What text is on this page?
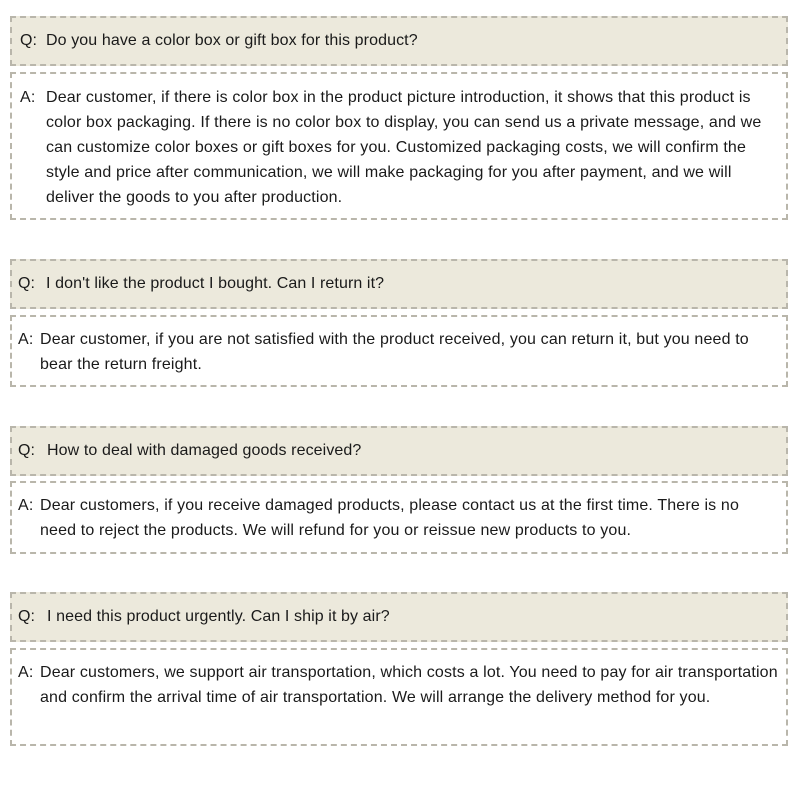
Q: Do you have a color box or gift box for this product?
A: Dear customer, if there is color box in the product picture introduction, it shows that this product is color box packaging. If there is no color box to display, you can send us a private message, and we can customize color boxes or gift boxes for you. Customized packaging costs, we will confirm the style and price after communication, we will make packaging for you after payment, and we will deliver the goods to you after production.
Q: I don't like the product I bought. Can I return it?
A: Dear customer, if you are not satisfied with the product received, you can return it, but you need to bear the return freight.
Q: How to deal with damaged goods received?
A: Dear customers, if you receive damaged products, please contact us at the first time. There is no need to reject the products. We will refund for you or reissue new products to you.
Q: I need this product urgently. Can I ship it by air?
A: Dear customers, we support air transportation, which costs a lot. You need to pay for air transportation and confirm the arrival time of air transportation. We will arrange the delivery method for you.
